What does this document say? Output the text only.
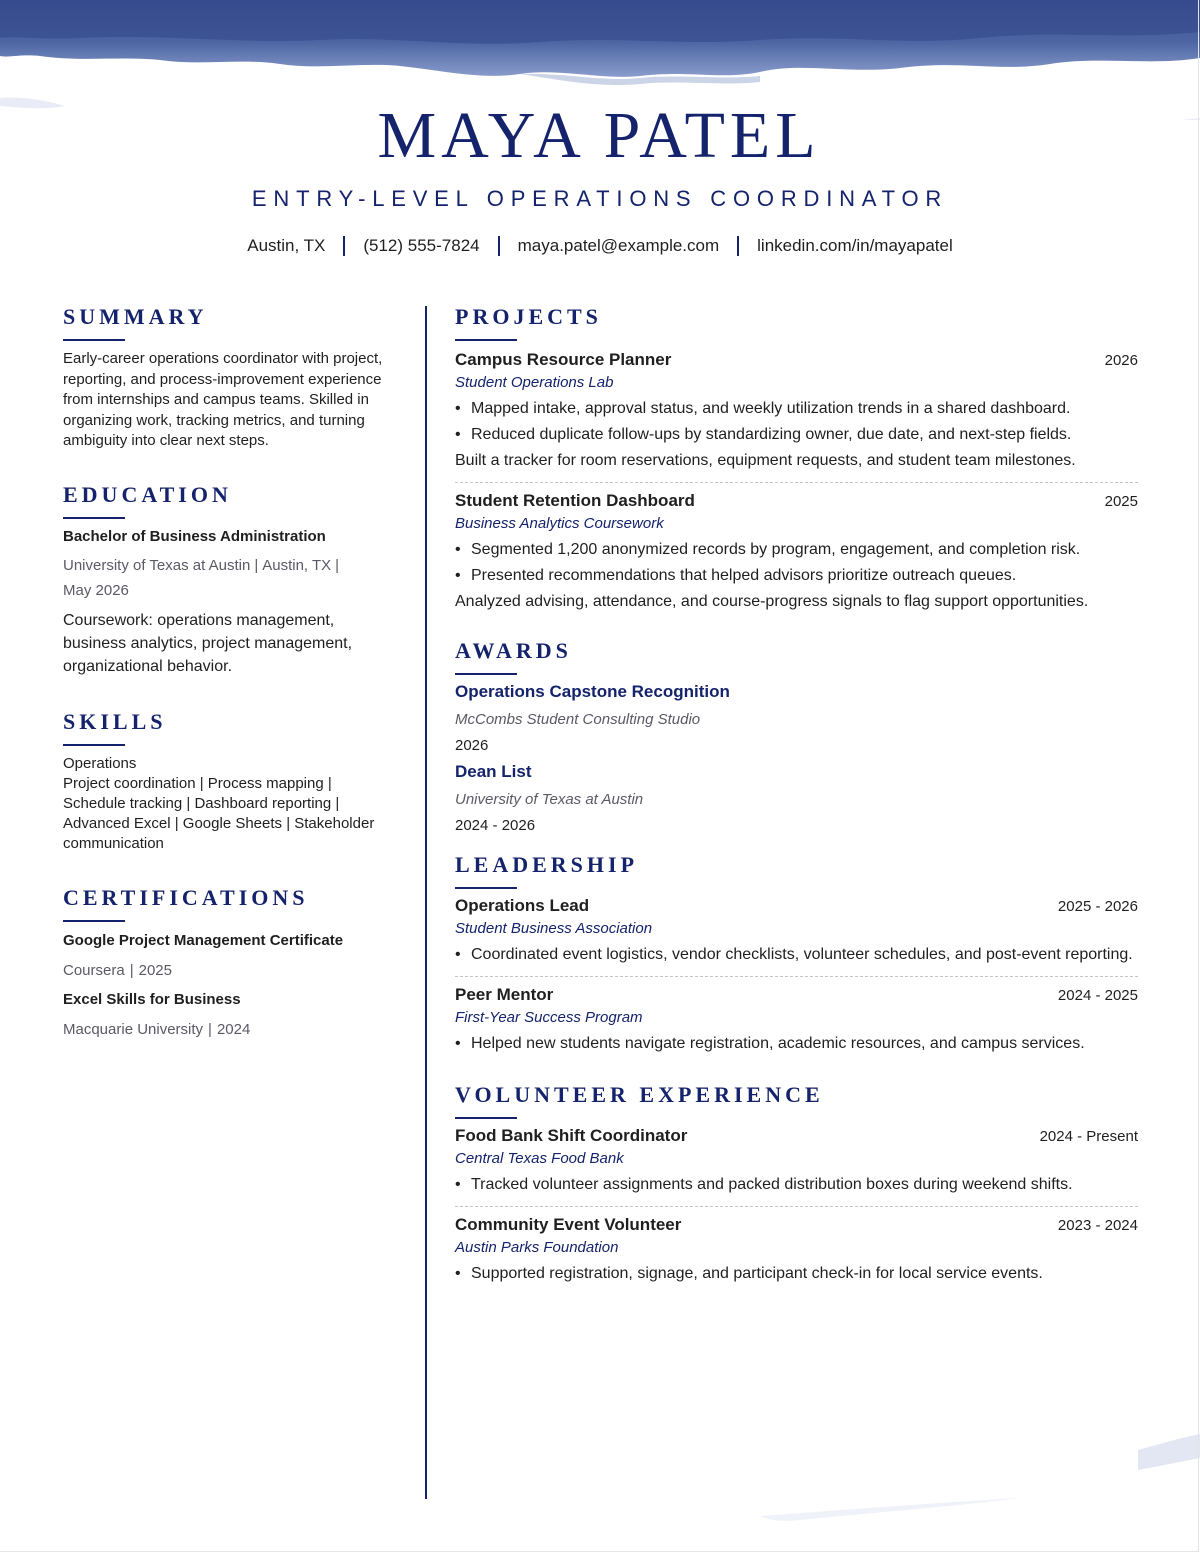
MAYA PATEL
ENTRY-LEVEL OPERATIONS COORDINATOR
Austin, TX	(512) 555-7824	maya.patel@example.com	linkedin.com/in/mayapatel
SUMMARY

Early-career operations coordinator with project, reporting, and process-improvement experience from internships and campus teams. Skilled in organizing work, tracking metrics, and turning ambiguity into clear next steps.

EDUCATION
Bachelor of Business Administration
University of Texas at Austin | Austin, TX |
May 2026

Coursework: operations management, business analytics, project management, organizational behavior.

SKILLS
Operations
Project coordination | Process mapping | Schedule tracking | Dashboard reporting | Advanced Excel | Google Sheets | Stakeholder communication
CERTIFICATIONS
Google Project Management Certificate
Coursera | 2025
Excel Skills for Business
Macquarie University | 2024
PROJECTS
Campus Resource Planner	2026
Student Operations Lab
• Mapped intake, approval status, and weekly utilization trends in a shared dashboard.
• Reduced duplicate follow-ups by standardizing owner, due date, and next-step fields.

Built a tracker for room reservations, equipment requests, and student team milestones.

Student Retention Dashboard	2025
Business Analytics Coursework
• Segmented 1,200 anonymized records by program, engagement, and completion risk.
• Presented recommendations that helped advisors prioritize outreach queues.

Analyzed advising, attendance, and course-progress signals to flag support opportunities.

AWARDS
Operations Capstone Recognition
McCombs Student Consulting Studio
2026
Dean List
University of Texas at Austin
2024 - 2026
LEADERSHIP
Operations Lead	2025 - 2026
Student Business Association
• Coordinated event logistics, vendor checklists, volunteer schedules, and post-event reporting.
Peer Mentor	2024 - 2025
First-Year Success Program
• Helped new students navigate registration, academic resources, and campus services.
VOLUNTEER EXPERIENCE
Food Bank Shift Coordinator	2024 - Present
Central Texas Food Bank
• Tracked volunteer assignments and packed distribution boxes during weekend shifts.
Community Event Volunteer	2023 - 2024
Austin Parks Foundation
• Supported registration, signage, and participant check-in for local service events.
